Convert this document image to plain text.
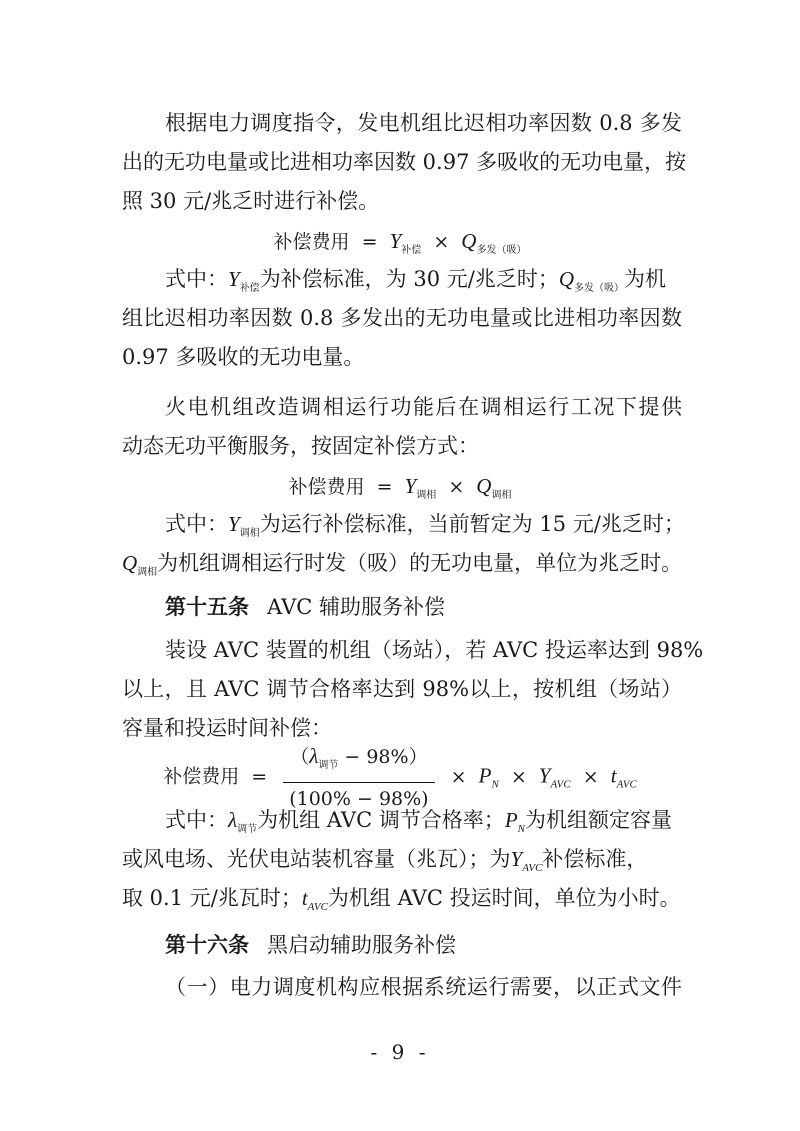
根据电力调度指令，发电机组比迟相功率因数 0.8 多发
出的无功电量或比进相功率因数 0.97 多吸收的无功电量，按
照 30 元/兆乏时进行补偿。
补偿费用 = $Y_{补偿} \times Q_{多发(吸)}$
式中：$Y_{补偿}$为补偿标准，为 30 元/兆乏时；$Q_{多发(吸)}$为机
组比迟相功率因数 0.8 多发出的无功电量或比进相功率因数
0.97 多吸收的无功电量。
火电机组改造调相运行功能后在调相运行工况下提供
动态无功平衡服务，按固定补偿方式：
补偿费用 = $Y_{调相} \times Q_{调相}$
式中：$Y_{调相}$为运行补偿标准，当前暂定为 15 元/兆乏时；
$Q_{调相}$为机组调相运行时发（吸）的无功电量，单位为兆乏时。
第十五条 AVC 辅助服务补偿
装设 AVC 装置的机组（场站），若 AVC 投运率达到 98%
以上，且 AVC 调节合格率达到 98%以上，按机组（场站）
容量和投运时间补偿：
补偿费用 = $\frac{(\lambda_{调节} - 98\%)}{(100\% - 98\%)} \times P_N \times Y_{AVC} \times t_{AVC}$
式中：$\lambda_{调节}$为机组 AVC 调节合格率；$P_N$为机组额定容量
或风电场、光伏电站装机容量（兆瓦）；为$Y_{AVC}$补偿标准，
取 0.1 元/兆瓦时；$t_{AVC}$为机组 AVC 投运时间，单位为小时。
第十六条 黑启动辅助服务补偿
（一）电力调度机构应根据系统运行需要，以正式文件
- 9 -
